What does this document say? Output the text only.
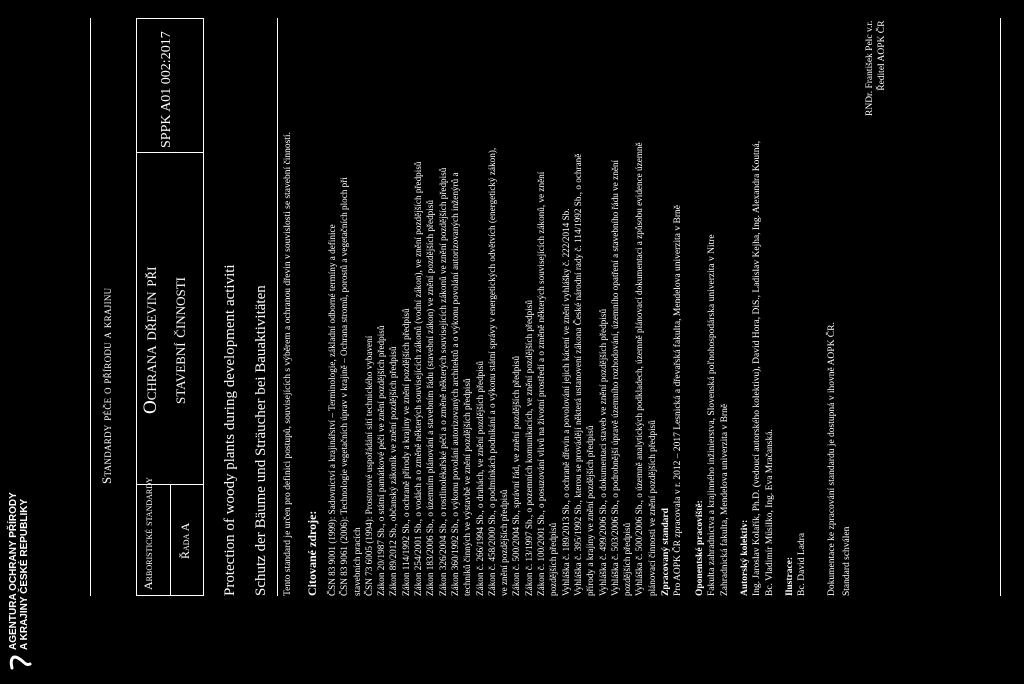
AGENTURA OCHRANY PŘÍRODY A KRAJINY ČESKÉ REPUBLIKY
Standardy péče o přírodu a krajinu
Arboristické standardy Řada A
Ochrana dřevin při stavební činnosti
SPPK A01 002:2017
Protection of woody plants during development activiti Schutz der Bäume und Sträucher bei Bauaktivitäten Tento standard je určen pro definici postupů, souvisejících s výběrem a ochranou dřevin v souvislosti se stavební činností. Citované zdroje: ČSN 83 9001 (1999): Sadovnictví a krajinářství – Terminologie, základní odborné termíny a definice ČSN 83 9061 (2006): Technologie vegetačních úprav v krajině – Ochrana stromů, porostů a vegetačních ploch při stavebních pracích ČSN 73 6005 (1994): Prostorové uspořádání sítí technického vybavení Zákon 20/1987 Sb., o státní památkové péči ve znění pozdějších předpisů Zákon 89/2012 Sb., občanský zákoník ve znění pozdějších předpisů Zákon 114/1992 Sb., o ochraně přírody a krajiny ve znění pozdějších předpisů Zákon 254/2001 Sb., o vodách a o změně některých souvisejících zákonů (vodní zákon), ve znění pozdějších předpisů Zákon 183/2006 Sb., o územním plánování a stavebním řádu (stavební zákon) ve znění pozdějších předpisů Zákon 326/2004 Sb., o rostlinolékařské péči a o změně některých souvisejících zákonů ve znění pozdějších předpisů Zákon 360/1992 Sb., o výkonu povolání autorizovaných architektů a o výkonu povolání autorizovaných inženýrů a techniků činných ve výstavbě ve znění pozdějších předpisů Zákon č. 266/1994 Sb., o drahách, ve znění pozdějších předpisů Zákon č. 458/2000 Sb., o podmínkách podnikání a o výkonu státní správy v energetických odvětvích (energetický zákon), ve znění pozdějších předpisů Zákon č. 500/2004 Sb., správní řád, ve znění pozdějších předpisů Zákon č. 13/1997 Sb., o pozemních komunikacích, ve znění pozdějších předpisů Zákon č. 100/2001 Sb., o posuzování vlivů na životní prostředí a o změně některých souvisejících zákonů, ve znění pozdějších předpisů Vyhláška č. 189/2013 Sb., o ochraně dřevin a povolování jejich kácení ve znění vyhlášky č. 222/2014 Sb. Vyhláška č. 395/1992 Sb., kterou se provádějí některá ustanovení zákona České národní rady č. 114/1992 Sb., o ochraně přírody a krajiny ve znění pozdějších předpisů Vyhláška č. 499/2006 Sb., o dokumentaci staveb ve znění pozdějších předpisů Vyhláška č. 503/2006 Sb., o podrobnější úpravě územního rozhodování, územního opatření a stavebního řádu ve znění pozdějších předpisů Vyhláška č. 500/2006 Sb., o územně analytických podkladech, územně plánovací dokumentaci a způsobu evidence územně plánovací činnosti ve znění pozdějších předpisů Zpracovaný standard Pro AOPK ČR zpracovala v r. 2012 – 2017 Lesnická a dřevařská fakulta, Mendelova univerzita v Brně Oponentské pracoviště: Fakulta zahradnictva a krajinného inžinierstva, Slovenská poľnohospodárska univerzita v Nitre Zahradnická fakulta, Mendelova univerzita v Brně Autorský kolektiv: Ing. Jaroslav Kolařík, Ph.D. (vedoucí autorského kolektivu), David Hora, DiS., Ladislav Kejha, Ing. Alexandra Koutná, Bc. Vladimír Műsilko, Ing. Eva Mračanská. Ilustrace: Bc. David Ladra Dokumentace ke zpracování standardu je dostupná v ihovně AOPK ČR. Standard schválen
RNDr. František Pelc v.r. Ředitel AOPK ČR
